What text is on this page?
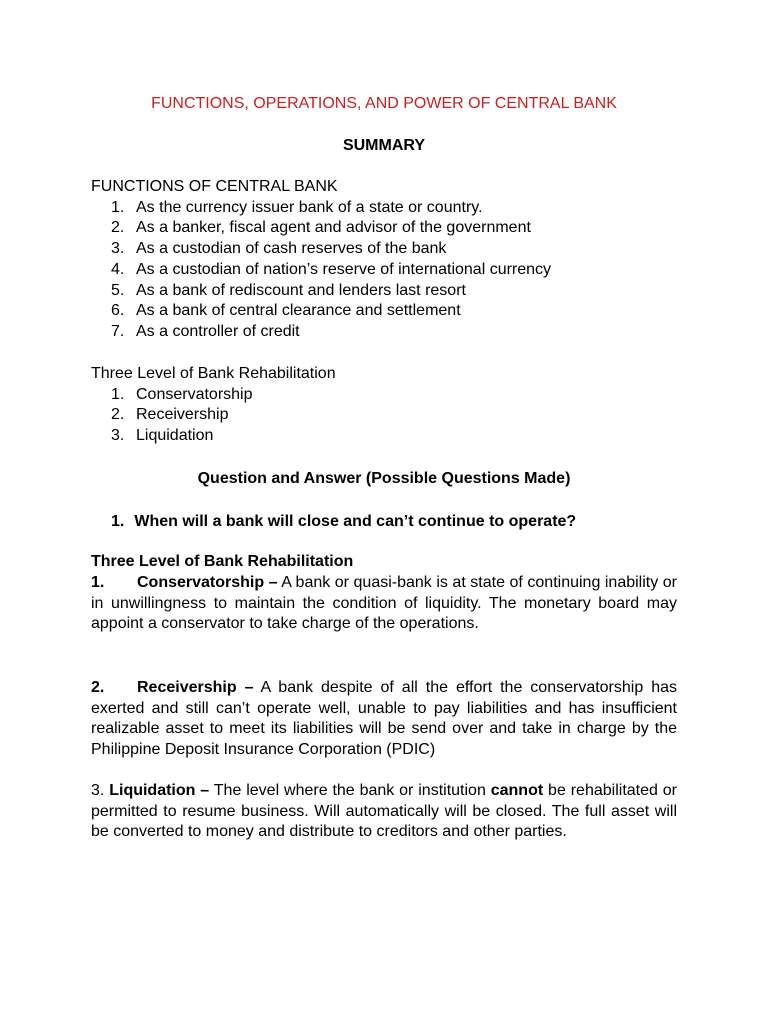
FUNCTIONS, OPERATIONS, AND POWER OF CENTRAL BANK
SUMMARY

FUNCTIONS OF CENTRAL BANK

1. As the currency issuer bank of a state or country.
2. As a banker, fiscal agent and advisor of the government
3. As a custodian of cash reserves of the bank
4. As a custodian of nation’s reserve of international currency
5. As a bank of rediscount and lenders last resort
6. As a bank of central clearance and settlement
7. As a controller of credit

Three Level of Bank Rehabilitation

1. Conservatorship
2. Receivership
3. Liquidation
Question and Answer (Possible Questions Made)
1. When will a bank will close and can’t continue to operate?
Three Level of Bank Rehabilitation
1. Conservatorship – A bank or quasi-bank is at state of continuing inability or in unwillingness to maintain the condition of liquidity. The monetary board may appoint a conservator to take charge of the operations.
2. Receivership – A bank despite of all the effort the conservatorship has exerted and still can’t operate well, unable to pay liabilities and has insufficient realizable asset to meet its liabilities will be send over and take in charge by the Philippine Deposit Insurance Corporation (PDIC)
3. Liquidation – The level where the bank or institution cannot be rehabilitated or permitted to resume business. Will automatically will be closed. The full asset will be converted to money and distribute to creditors and other parties.
